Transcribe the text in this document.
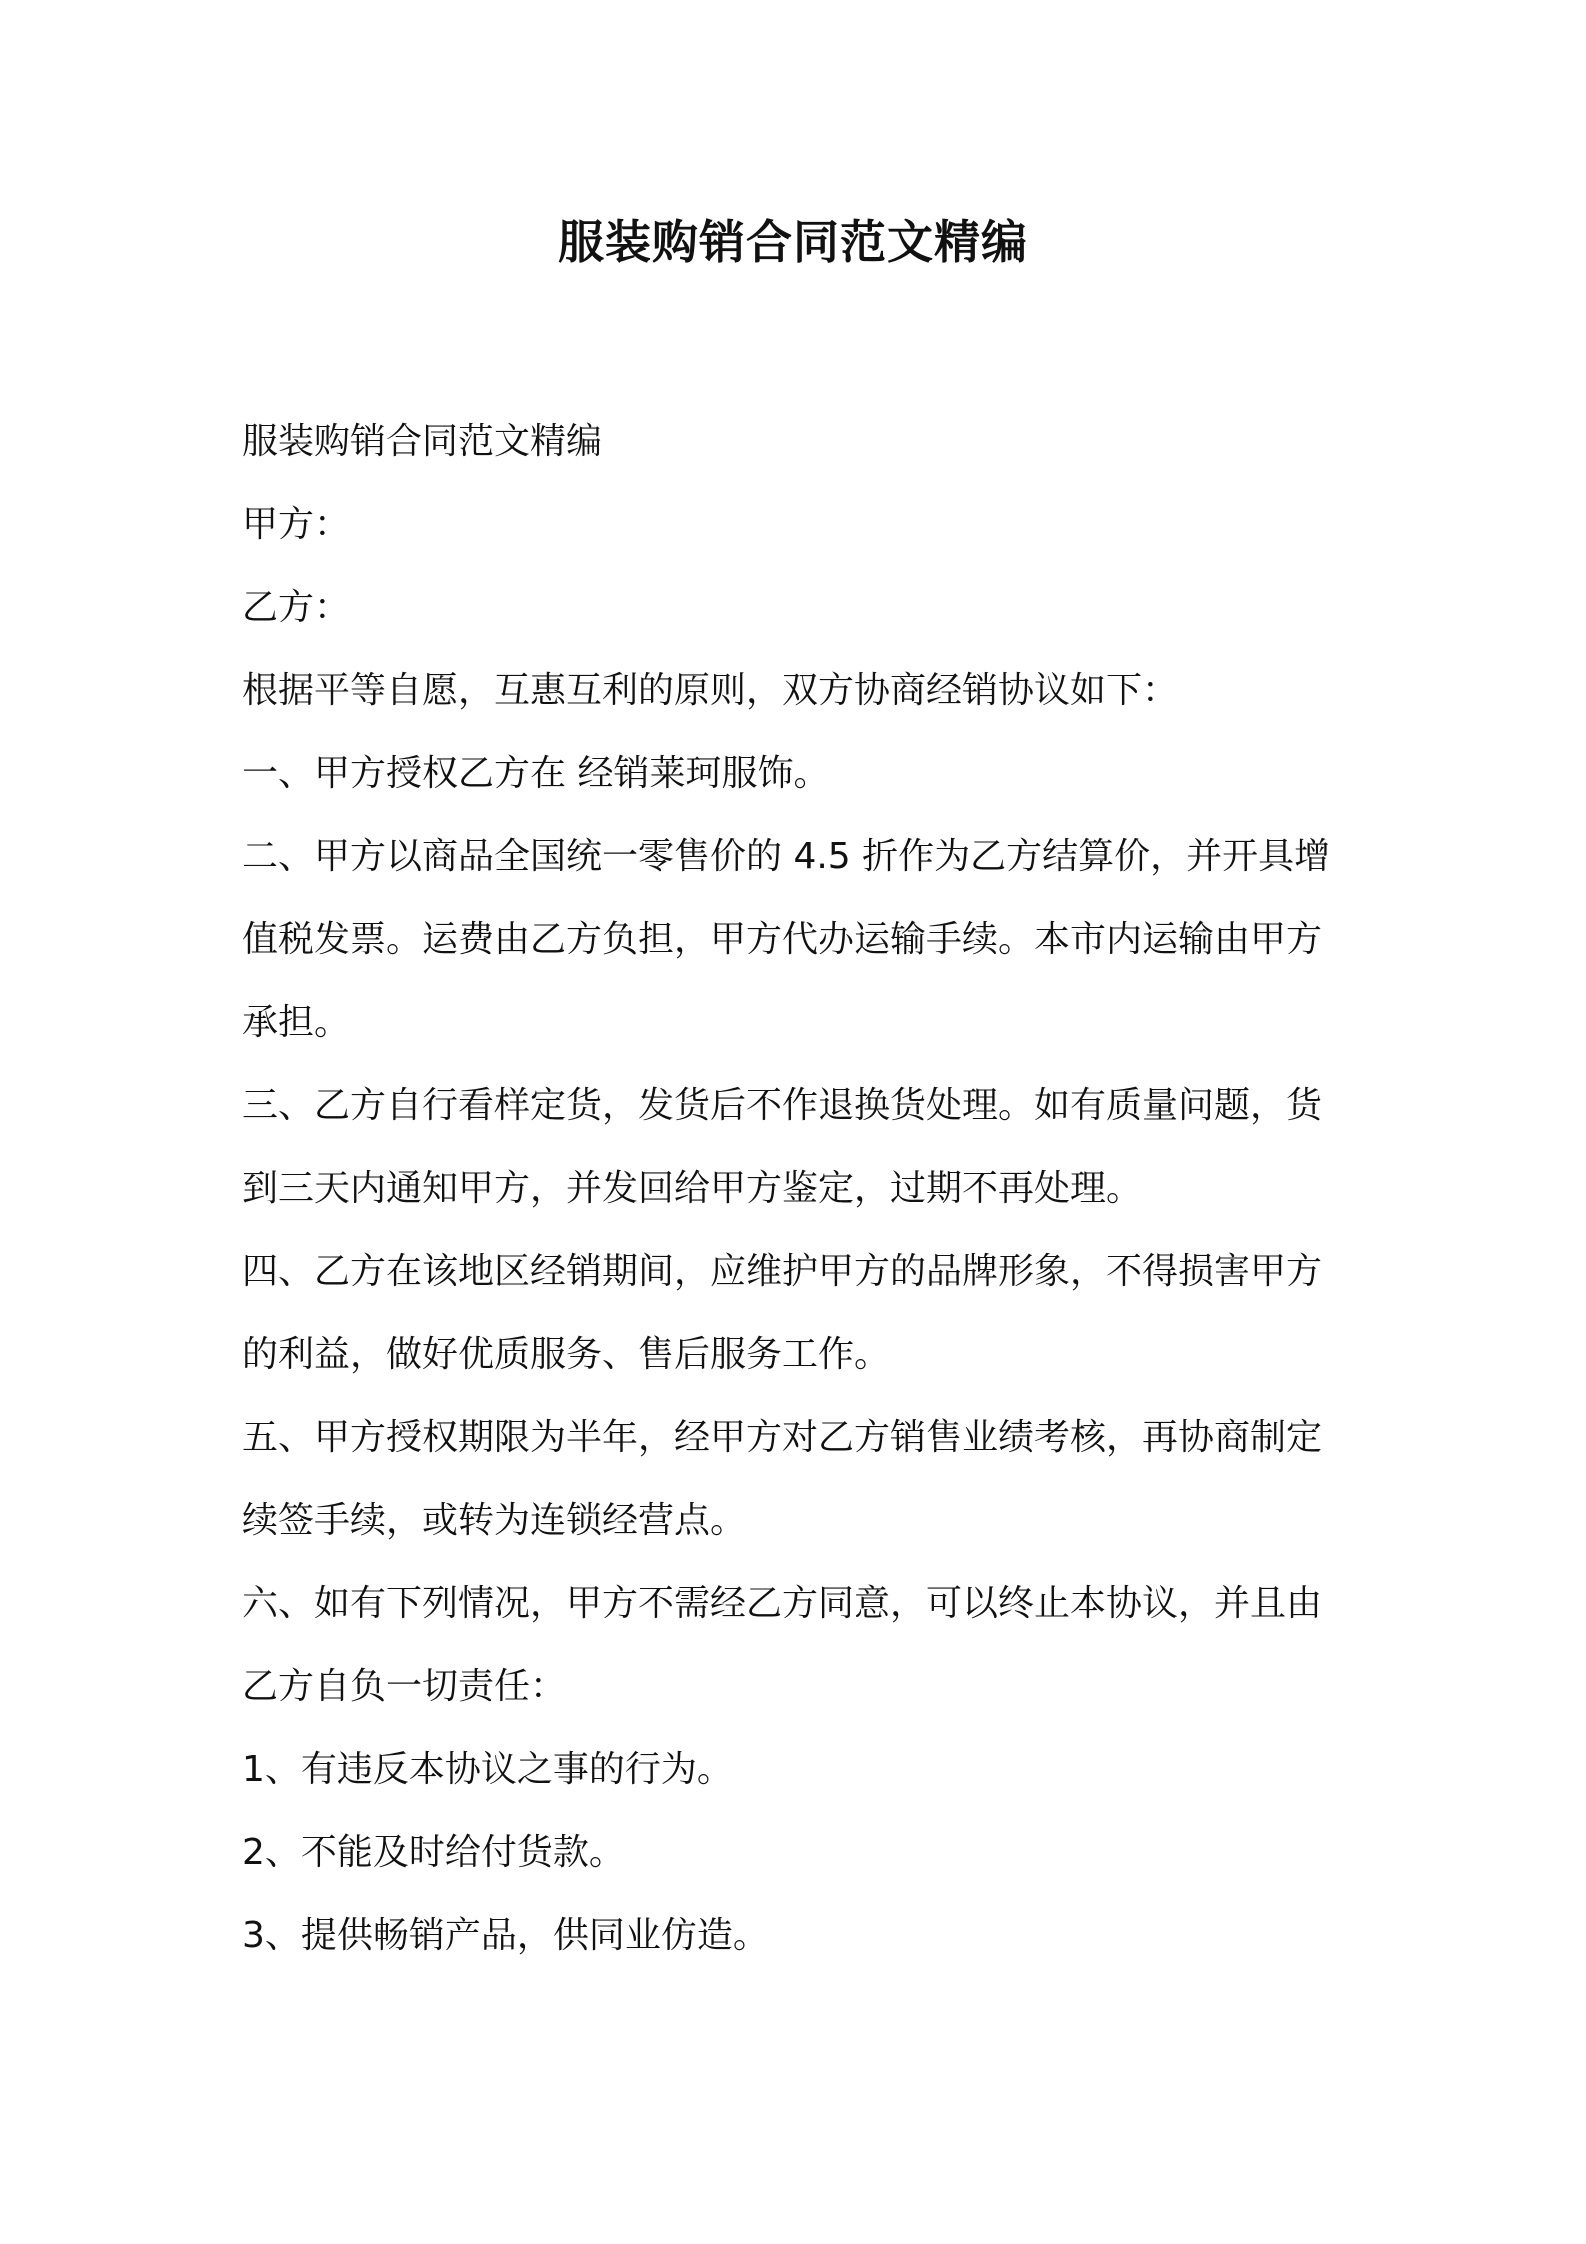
服装购销合同范文精编

服装购销合同范文精编

甲方：

乙方：

根据平等自愿，互惠互利的原则，双方协商经销协议如下：

一、甲方授权乙方在 经销莱珂服饰。

二、甲方以商品全国统一零售价的 4.5 折作为乙方结算价，并开具增

值税发票。运费由乙方负担，甲方代办运输手续。本市内运输由甲方

承担。

三、乙方自行看样定货，发货后不作退换货处理。如有质量问题，货

到三天内通知甲方，并发回给甲方鉴定，过期不再处理。

四、乙方在该地区经销期间，应维护甲方的品牌形象，不得损害甲方

的利益，做好优质服务、售后服务工作。

五、甲方授权期限为半年，经甲方对乙方销售业绩考核，再协商制定

续签手续，或转为连锁经营点。

六、如有下列情况，甲方不需经乙方同意，可以终止本协议，并且由

乙方自负一切责任：

1、有违反本协议之事的行为。

2、不能及时给付货款。

3、提供畅销产品，供同业仿造。
